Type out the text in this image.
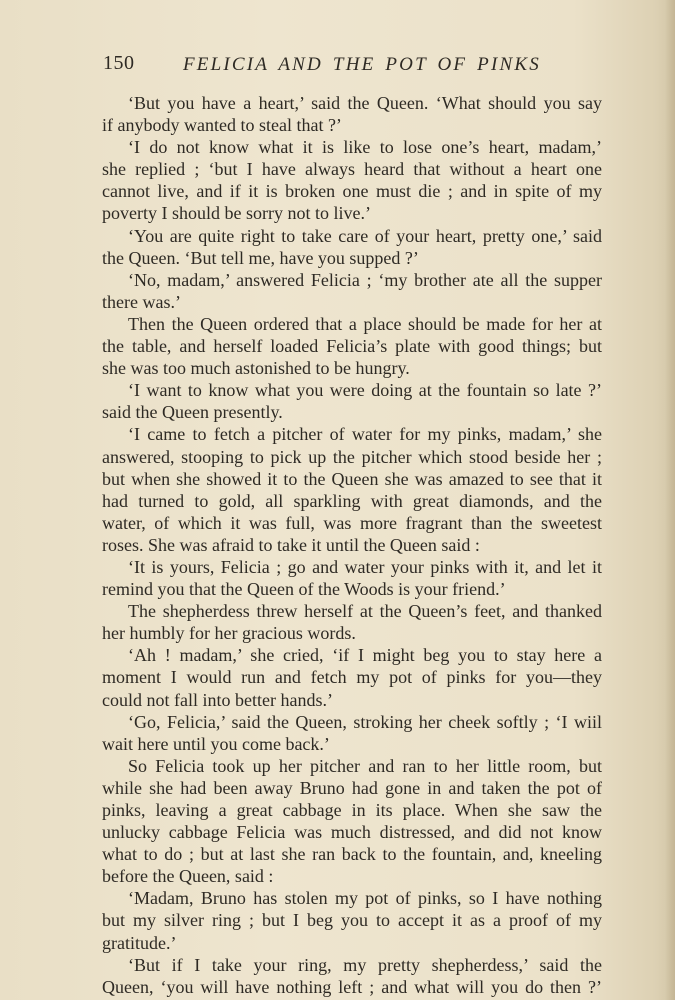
150	FELICIA AND THE POT OF PINKS
‘But you have a heart,’ said the Queen. ‘What should you say
if anybody wanted to steal that ?’
‘I do not know what it is like to lose one’s heart, madam,’
she replied ; ‘but I have always heard that without a heart one
cannot live, and if it is broken one must die ; and in spite of my
poverty I should be sorry not to live.’
‘You are quite right to take care of your heart, pretty one,’ said
the Queen. ‘But tell me, have you supped ?’
‘No, madam,’ answered Felicia ; ‘my brother ate all the supper
there was.’
Then the Queen ordered that a place should be made for her at
the table, and herself loaded Felicia’s plate with good things; but
she was too much astonished to be hungry.
‘I want to know what you were doing at the fountain so late ?’
said the Queen presently.
‘I came to fetch a pitcher of water for my pinks, madam,’ she
answered, stooping to pick up the pitcher which stood beside her ;
but when she showed it to the Queen she was amazed to see that it
had turned to gold, all sparkling with great diamonds, and the
water, of which it was full, was more fragrant than the sweetest
roses. She was afraid to take it until the Queen said :
‘It is yours, Felicia ; go and water your pinks with it, and let it
remind you that the Queen of the Woods is your friend.’
The shepherdess threw herself at the Queen’s feet, and thanked
her humbly for her gracious words.
‘Ah ! madam,’ she cried, ‘if I might beg you to stay here a
moment I would run and fetch my pot of pinks for you—they
could not fall into better hands.’
‘Go, Felicia,’ said the Queen, stroking her cheek softly ; ‘I wiil
wait here until you come back.’
So Felicia took up her pitcher and ran to her little room, but
while she had been away Bruno had gone in and taken the pot of
pinks, leaving a great cabbage in its place. When she saw the
unlucky cabbage Felicia was much distressed, and did not know
what to do ; but at last she ran back to the fountain, and, kneeling
before the Queen, said :
‘Madam, Bruno has stolen my pot of pinks, so I have nothing
but my silver ring ; but I beg you to accept it as a proof of my
gratitude.’
‘But if I take your ring, my pretty shepherdess,’ said the
Queen, ‘you will have nothing left ; and what will you do then ?’
